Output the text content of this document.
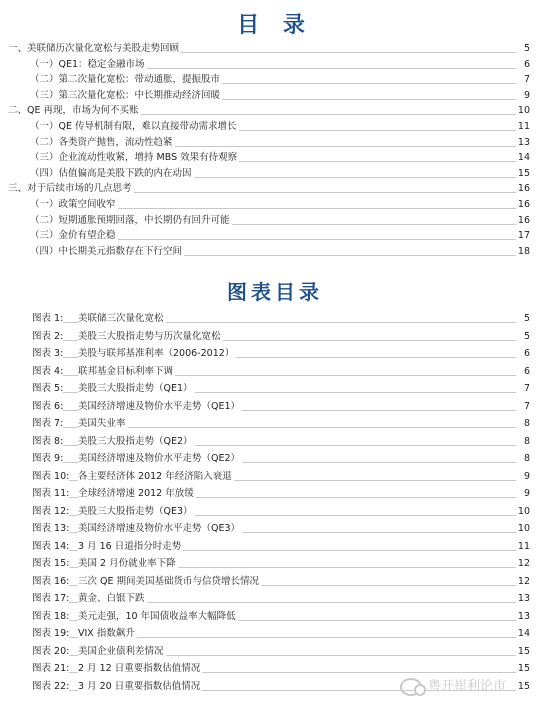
目 录
一、美联储历次量化宽松与美股走势回顾	5
（一）QE1：稳定金融市场	6
（二）第二次量化宽松：带动通胀，提振股市	7
（三）第三次量化宽松：中长期推动经济回暖	9
二、QE 再现，市场为何不买账	10
（一）QE 传导机制有限，难以直接带动需求增长	11
（二）各类资产抛售，流动性趋紧	13
（三）企业流动性收紧，增持 MBS 效果有待观察	14
（四）估值偏高是美股下跌的内在动因	15
三、对于后续市场的几点思考	16
（一）政策空间收窄	16
（二）短期通胀预期回落，中长期仍有回升可能	16
（三）金价有望企稳	17
（四）中长期美元指数存在下行空间	18
图表目录
图表 1: 美联储三次量化宽松	5
图表 2: 美股三大股指走势与历次量化宽松	5
图表 3: 美股与联邦基准利率（2006-2012）	6
图表 4: 联邦基金目标利率下调	6
图表 5: 美股三大股指走势（QE1）	7
图表 6: 美国经济增速及物价水平走势（QE1）	7
图表 7: 美国失业率	8
图表 8: 美股三大股指走势（QE2）	8
图表 9: 美国经济增速及物价水平走势（QE2）	8
图表 10: 各主要经济体 2012 年经济陷入衰退	9
图表 11: 全球经济增速 2012 年放缓	9
图表 12: 美股三大股指走势（QE3）	10
图表 13: 美国经济增速及物价水平走势（QE3）	10
图表 14: 3 月 16 日道指分时走势	11
图表 15: 美国 2 月份就业率下降	12
图表 16: 三次 QE 期间美国基础货币与信贷增长情况	12
图表 17: 黄金、白银下跌	13
图表 18: 美元走强，10 年国债收益率大幅降低	13
图表 19: VIX 指数飙升	14
图表 20: 美国企业债利差情况	15
图表 21: 2 月 12 日重要指数估值情况	15
图表 22: 3 月 20 日重要指数估值情况	15
粤开崔利论市
